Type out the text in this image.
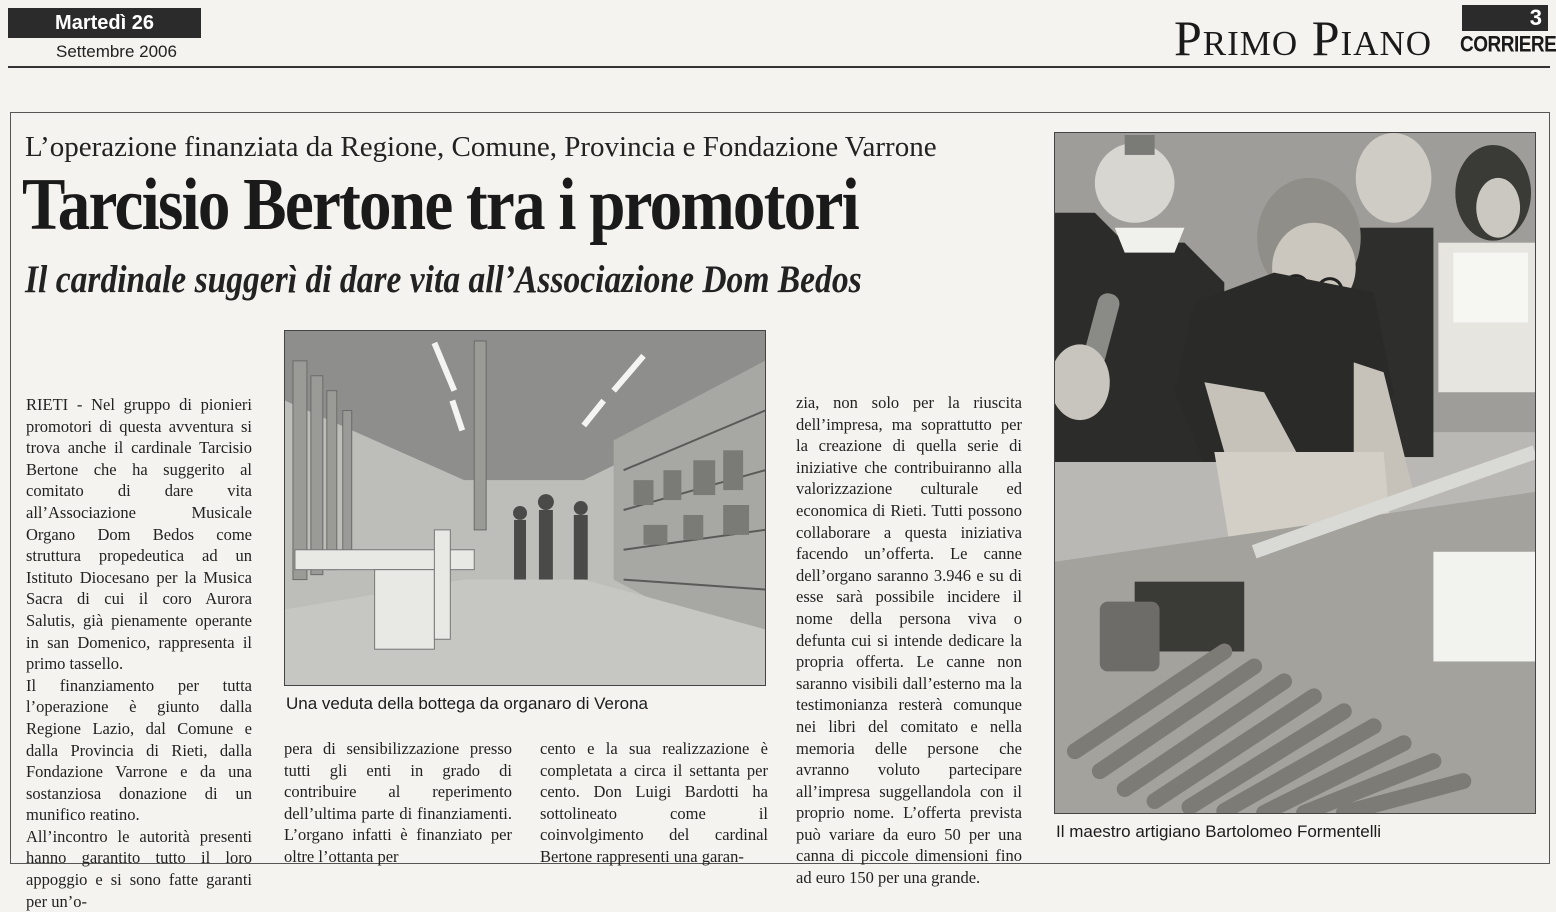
Martedì 26
Settembre 2006	Primo Piano	3
CORRIERE
L’operazione finanziata da Regione, Comune, Provincia e Fondazione Varrone
Tarcisio Bertone tra i promotori
Il cardinale suggerì di dare vita all’Associazione Dom Bedos

RIETI - Nel gruppo di pionieri promotori di questa avventura si trova anche il cardinale Tarcisio Bertone che ha suggerito al comitato di dare vita all’Associazione Musicale Organo Dom Bedos come struttura propedeutica ad un Istituto Diocesano per la Musica Sacra di cui il coro Aurora Salutis, già pienamente operante in san Domenico, rappresenta il primo tassello.

Il finanziamento per tutta l’operazione è giunto dalla Regione Lazio, dal Comune e dalla Provincia di Rieti, dalla Fondazione Varrone e da una sostanziosa donazione di un munifico reatino.

All’incontro le autorità presenti hanno garantito tutto il loro appoggio e si sono fatte garanti per un’o-

pera di sensibilizzazione presso tutti gli enti in grado di contribuire al reperimento dell’ultima parte di finanziamenti. L’organo infatti è finanziato per oltre l’ottanta per

cento e la sua realizzazione è completata a circa il settanta per cento. Don Luigi Bardotti ha sottolineato come il coinvolgimento del cardinal Bertone rappresenti una garan-

zia, non solo per la riuscita dell’impresa, ma soprattutto per la creazione di quella serie di iniziative che contribuiranno alla valorizzazione culturale ed economica di Rieti. Tutti possono collaborare a questa iniziativa facendo un’offerta. Le canne dell’organo saranno 3.946 e su di esse sarà possibile incidere il nome della persona viva o defunta cui si intende dedicare la propria offerta. Le canne non saranno visibili dall’esterno ma la testimonianza resterà comunque nei libri del comitato e nella memoria delle persone che avranno voluto partecipare all’impresa suggellandola con il proprio nome. L’offerta prevista può variare da euro 50 per una canna di piccole dimensioni fino ad euro 150 per una grande.

Una veduta della bottega da organaro di Verona
Il maestro artigiano Bartolomeo Formentelli
